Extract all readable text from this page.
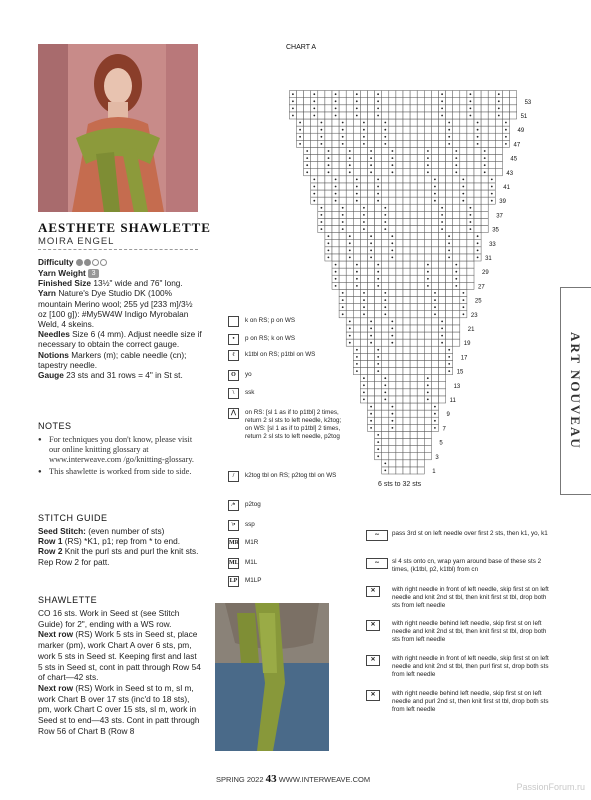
AESTHETE SHAWLETTE
MOIRA ENGEL
Difficulty
Yarn Weight 3
Finished Size 13½" wide and 76" long.
Yarn Nature's Dye Studio DK (100% mountain Merino wool; 255 yd [233 m]/3½ oz [100 g]): #My5W4W Indigo Myrobalan Weld, 4 skeins.
Needles Size 6 (4 mm). Adjust needle size if necessary to obtain the correct gauge.
Notions Markers (m); cable needle (cn); tapestry needle.
Gauge 23 sts and 31 rows = 4" in St st.
NOTES
● For techniques you don't know, please visit our online knitting glossary at www.interweave.com /go/knitting-glossary.
● This shawlette is worked from side to side.
STITCH GUIDE
Seed Stitch: (even number of sts)
Row 1 (RS) *K1, p1; rep from * to end.
Row 2 Knit the purl sts and purl the knit sts.
Rep Row 2 for patt.
SHAWLETTE
CO 16 sts. Work in Seed st (see Stitch Guide) for 2", ending with a WS row.
Next row (RS) Work 5 sts in Seed st, place marker (pm), work Chart A over 6 sts, pm, work 5 sts in Seed st. Keeping first and last 5 sts in Seed st, cont in patt through Row 54 of chart—42 sts.
Next row (RS) Work in Seed st to m, sl m, work Chart B over 17 sts (inc'd to 18 sts), pm, work Chart C over 15 sts, sl m, work in Seed st to end—43 sts. Cont in patt through Row 56 of Chart B (Row 8
CHART A
1
3
5
7
9
11
13
15
17
19
21
23
25
27
29
31
33
35
37
39
41
43
45
47
49
51
53
6 sts to 32 sts
k on RS; p on WS
•	p on RS; k on WS
ℓ	k1tbl on RS; p1tbl on WS
O	yo
\	ssk
⋀	on RS: [sl 1 as if to p1tbl] 2 times, return 2 sl sts to left needle, k2tog; on WS: [sl 1 as if to p1tbl] 2 times, return 2 sl sts to left needle, p2tog
/	k2tog tbl on RS; p2tog tbl on WS
⁄•	p2tog
\•	ssp
MR M1R
ML M1L
LP M1LP
∼	pass 3rd st on left needle over first 2 sts, then k1, yo, k1
∼	sl 4 sts onto cn, wrap yarn around base of these sts 2 times, (k1tbl, p2, k1tbl) from cn
✕	with right needle in front of left needle, skip first st on left needle and knit 2nd st tbl, then knit first st tbl, drop both sts from left needle
✕	with right needle behind left needle, skip first st on left needle and knit 2nd st tbl, then knit first st tbl, drop both sts from left needle
✕	with right needle in front of left needle, skip first st on left needle and knit 2nd st tbl, then purl first st, drop both sts from left needle
✕	with right needle behind left needle, skip first st on left needle and purl 2nd st, then knit first st tbl, drop both sts from left needle
ART NOUVEAU
SPRING 2022 43 WWW.INTERWEAVE.COM
PassionForum.ru
